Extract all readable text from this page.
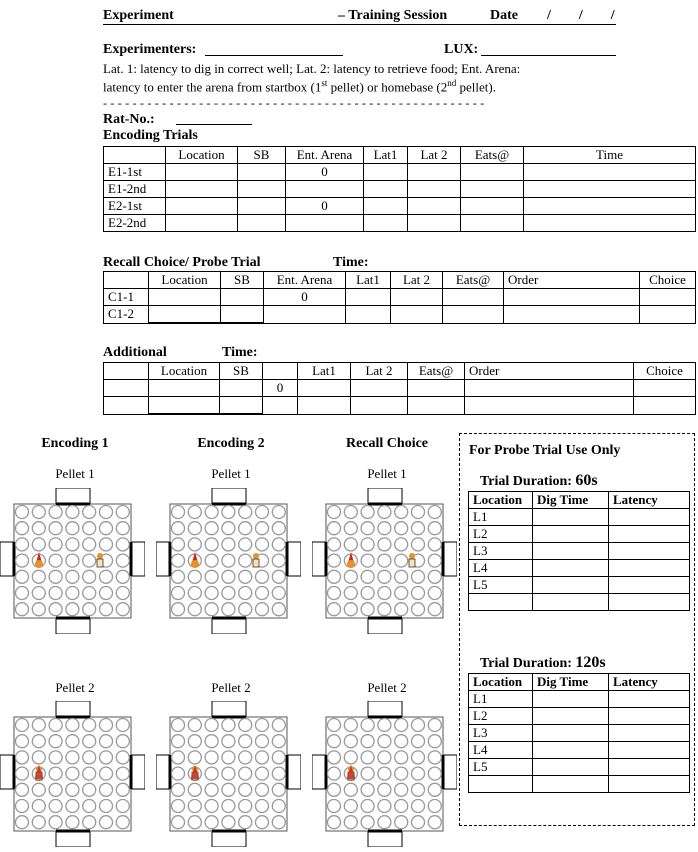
Experiment	– Training Session	Date /        /        /
Experimenters:	LUX:
Lat. 1: latency to dig in correct well; Lat. 2: latency to retrieve food; Ent. Arena:
latency to enter the arena from startbox (1st pellet) or homebase (2nd pellet).
- - - - - - - - - - - - - - - - - - - - - - - - - - - - - - - - - - - - - - - - - - - - - - - - - - - -
Rat-No.:
Encoding Trials
	Location	SB	Ent. Arena	Lat1	Lat 2	Eats@	Time
E1-1st			0				
E1-2nd							
E2-1st			0				
E2-2nd							
Recall Choice/ Probe Trial	Time:
	Location	SB	Ent. Arena	Lat1	Lat 2	Eats@	Order	Choice
C1-1			0					
C1-2								
Additional	Time:
	Location	SB		Lat1	Lat 2	Eats@	Order	Choice
			0					

Encoding 1	Encoding 2	Recall Choice
Pellet 1	Pellet 1	Pellet 1
Pellet 2	Pellet 2	Pellet 2
For Probe Trial Use Only
Trial Duration: 60s
Location	Dig Time	Latency
L1		
L2		
L3		
L4		
L5		

Trial Duration: 120s
Location	Dig Time	Latency
L1		
L2		
L3		
L4		
L5		
